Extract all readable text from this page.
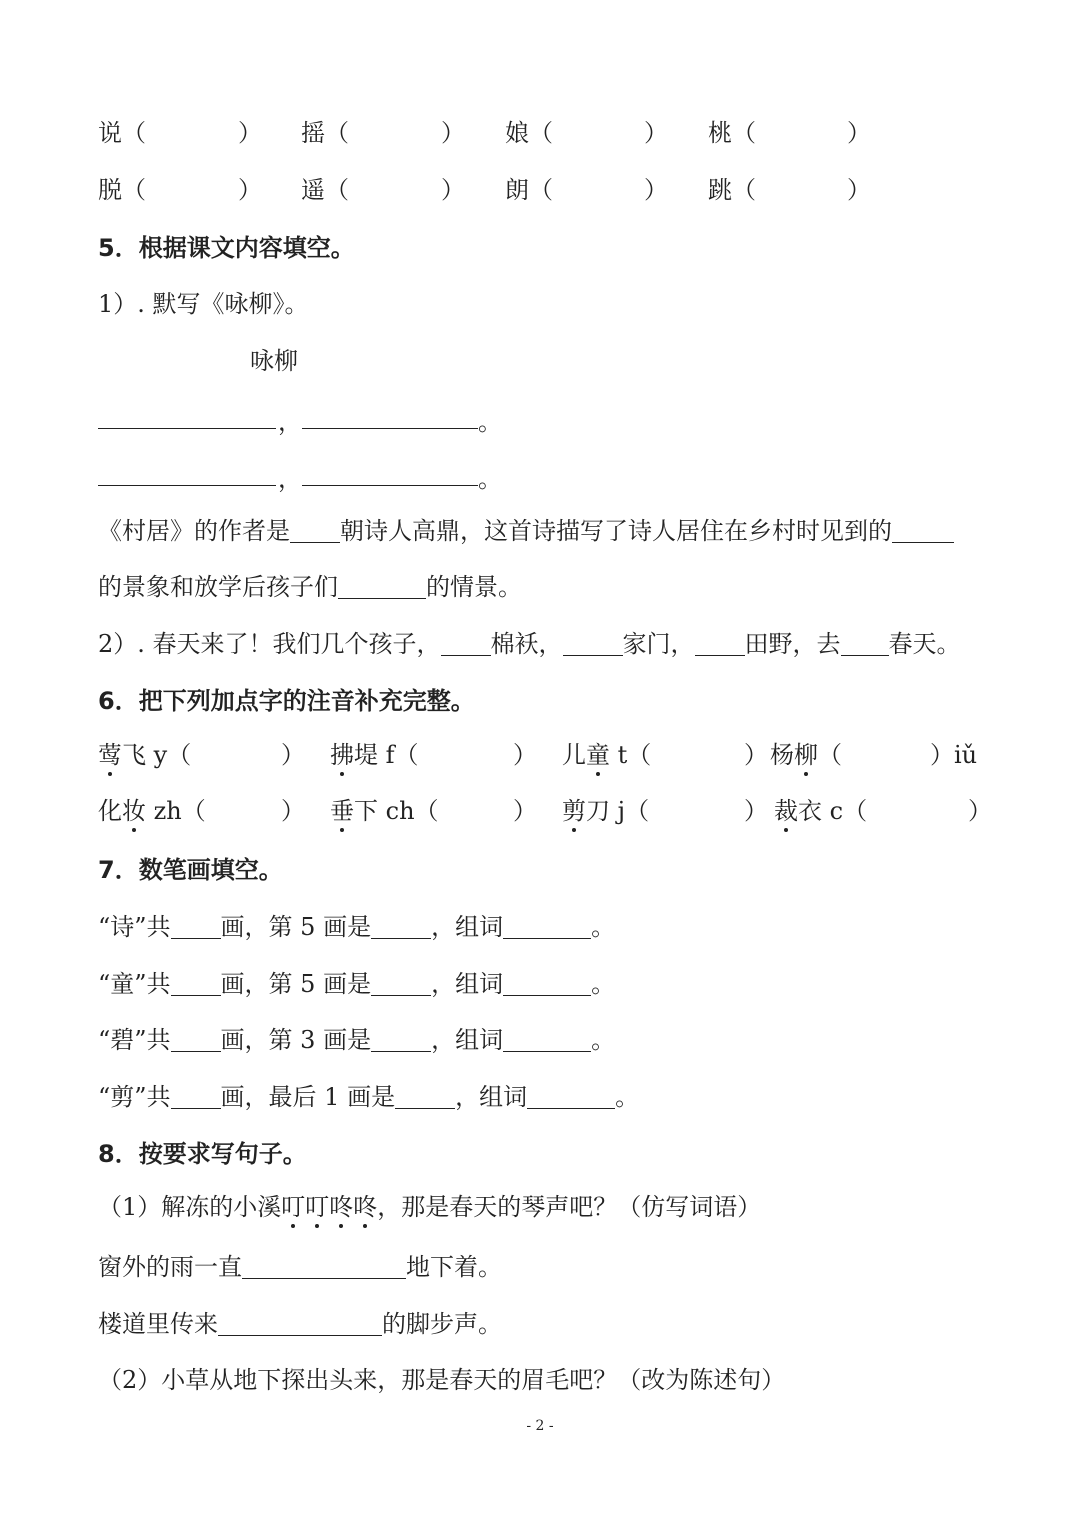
说（	） 摇（	） 娘（	） 桃（	）
脱（	） 遥（	） 朗（	） 跳（	）
5．根据课文内容填空。
1）. 默写《咏柳》。
咏柳
，	。
，	。
《村居》的作者是 朝诗人高鼎，这首诗描写了诗人居住在乡村时见到的
的景象和放学后孩子们	的情景。
2）. 春天来了！我们几个孩子， 棉袄，	家门， 田野，去 春天。
6．把下列加点字的注音补充完整。
莺飞 y（	） 拂堤 f（	） 儿童 t（	） 杨柳（	）iǔ
化妆 zh（	） 垂下 ch（	） 剪刀 j（	） 裁衣 c（	）
7．数笔画填空。
“诗”共 画，第 5 画是	，组词	。
“童”共 画，第 5 画是	，组词	。
“碧”共 画，第 3 画是	，组词	。
“剪”共 画，最后 1 画是	，组词	。
8．按要求写句子。
（1）解冻的小溪叮叮咚咚，那是春天的琴声吧？（仿写词语）
窗外的雨一直	地下着。
楼道里传来	的脚步声。
（2）小草从地下探出头来，那是春天的眉毛吧？（改为陈述句）
- 2 -
